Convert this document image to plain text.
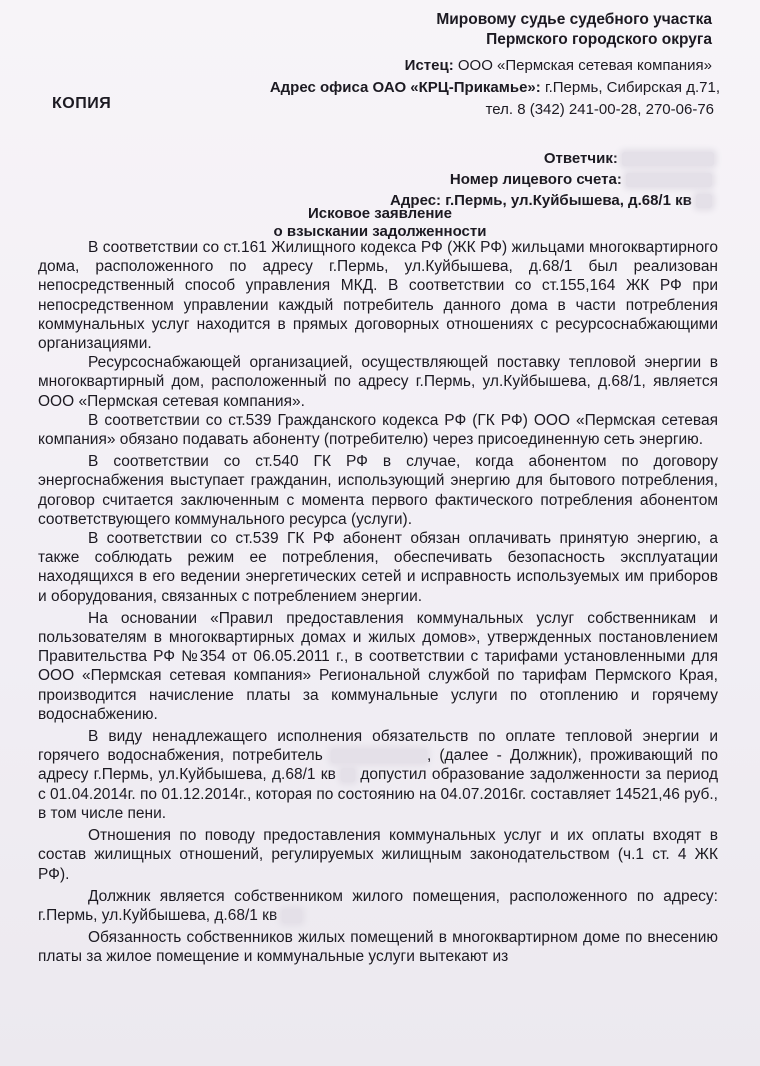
Мировому судье судебного участка
Пермского городского округа
Истец: ООО «Пермская сетевая компания»
Адрес офиса ОАО «КРЦ-Прикамье»: г.Пермь, Сибирская д.71,
тел. 8 (342) 241-00-28, 270-06-76
КОПИЯ
Ответчик:
Номер лицевого счета:
Адрес: г.Пермь, ул.Куйбышева, д.68/1 кв
Исковое заявление
о взыскании задолженности

В соответствии со ст.161 Жилищного кодекса РФ (ЖК РФ) жильцами многоквартирного дома, расположенного по адресу г.Пермь, ул.Куйбышева, д.68/1 был реализован непосредственный способ управления МКД. В соответствии со ст.155,164 ЖК РФ при непосредственном управлении каждый потребитель данного дома в части потребления коммунальных услуг находится в прямых договорных отношениях с ресурсоснабжающими организациями.

Ресурсоснабжающей организацией, осуществляющей поставку тепловой энергии в многоквартирный дом, расположенный по адресу г.Пермь, ул.Куйбышева, д.68/1, является ООО «Пермская сетевая компания».

В соответствии со ст.539 Гражданского кодекса РФ (ГК РФ) ООО «Пермская сетевая компания» обязано подавать абоненту (потребителю) через присоединенную сеть энергию.

В соответствии со ст.540 ГК РФ в случае, когда абонентом по договору энергоснабжения выступает гражданин, использующий энергию для бытового потребления, договор считается заключенным с момента первого фактического потребления абонентом соответствующего коммунального ресурса (услуги).

В соответствии со ст.539 ГК РФ абонент обязан оплачивать принятую энергию, а также соблюдать режим ее потребления, обеспечивать безопасность эксплуатации находящихся в его ведении энергетических сетей и исправность используемых им приборов и оборудования, связанных с потреблением энергии.

На основании «Правил предоставления коммунальных услуг собственникам и пользователям в многоквартирных домах и жилых домов», утвержденных постановлением Правительства РФ №354 от 06.05.2011 г., в соответствии с тарифами установленными для ООО «Пермская сетевая компания» Региональной службой по тарифам Пермского Края, производится начисление платы за коммунальные услуги по отоплению и горячему водоснабжению.

В виду ненадлежащего исполнения обязательств по оплате тепловой энергии и горячего водоснабжения, потребитель	, (далее - Должник), проживающий по адресу г.Пермь, ул.Куйбышева, д.68/1 кв  допустил образование задолженности за период с 01.04.2014г. по 01.12.2014г., которая по состоянию на 04.07.2016г. составляет 14521,46 руб., в том числе пени.

Отношения по поводу предоставления коммунальных услуг и их оплаты входят в состав жилищных отношений, регулируемых жилищным законодательством (ч.1 ст. 4 ЖК РФ).

Должник является собственником жилого помещения, расположенного по адресу: г.Пермь, ул.Куйбышева, д.68/1 кв

Обязанность собственников жилых помещений в многоквартирном доме по внесению платы за жилое помещение и коммунальные услуги вытекают из
